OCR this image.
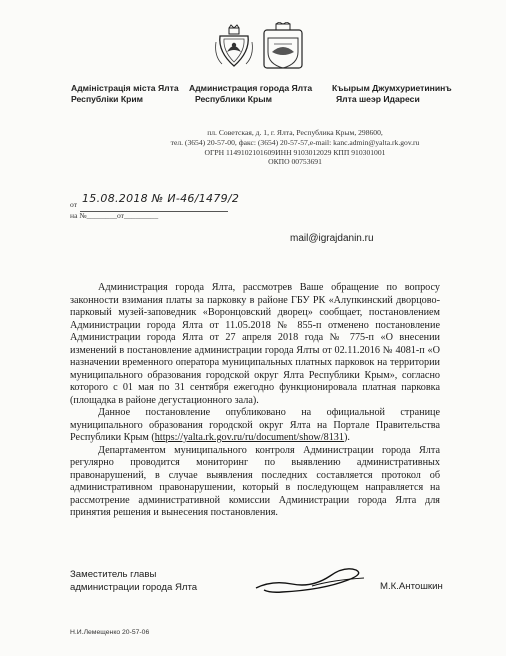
Адміністрація міста Ялта
Республіки Крим
Администрация города Ялта
Республики Крым
Къырым Джумхуриетининъ
Ялта шеэр Идареси
пл. Советская, д. 1, г. Ялта, Республика Крым, 298600,
тел. (3654) 20-57-00, факс: (3654) 20-57-57,e-mail: kanc.admin@yalta.rk.gov.ru
ОГРН 1149102101609ИНН 9103012029 КПП 910301001
ОКПО 00753691
от 15.08.2018 № И-46/1479/2
на №________от_________
mail@igrajdanin.ru

Администрация города Ялта, рассмотрев Ваше обращение по вопросу законности взимания платы за парковку в районе ГБУ РК «Алупкинский дворцово-парковый музей-заповедник «Воронцовский дворец» сообщает, постановлением Администрации города Ялта от 11.05.2018 № 855-п отменено постановление Администрации города Ялта от 27 апреля 2018 года № 775-п «О внесении изменений в постановление администрации города Ялты от 02.11.2016 № 4081-п «О назначении временного оператора муниципальных платных парковок на территории муниципального образования городской округ Ялта Республики Крым», согласно которого с 01 мая по 31 сентября ежегодно функционировала платная парковка (площадка в районе дегустационного зала).

Данное постановление опубликовано на официальной странице муниципального образования городской округ Ялта на Портале Правительства Республики Крым (https://yalta.rk.gov.ru/ru/document/show/8131).

Департаментом муниципального контроля Администрации города Ялта регулярно проводится мониторинг по выявлению административных правонарушений, в случае выявления последних составляется протокол об административном правонарушении, который в последующем направляется на рассмотрение административной комиссии Администрации города Ялта для принятия решения и вынесения постановления.

Заместитель главы
администрации города Ялта	М.К.Антошкин
Н.И.Лемещенко 20-57-06
